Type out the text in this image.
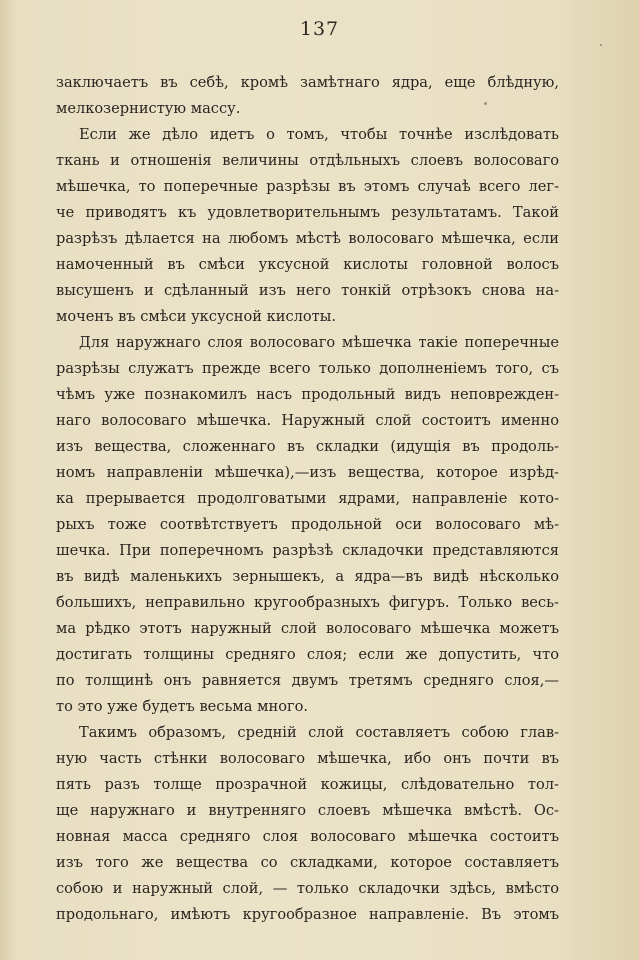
137
заключаетъ въ себѣ, кромѣ замѣтнаго ядра, еще блѣдную,
мелкозернистую массу.
Если же дѣло идетъ о томъ, чтобы точнѣе изслѣдовать
ткань и отношенія величины отдѣльныхъ слоевъ волосоваго
мѣшечка, то поперечные разрѣзы въ этомъ случаѣ всего лег-
че приводятъ къ удовлетворительнымъ результатамъ. Такой
разрѣзъ дѣлается на любомъ мѣстѣ волосоваго мѣшечка, если
намоченный въ смѣси уксусной кислоты головной волосъ
высушенъ и сдѣланный изъ него тонкій отрѣзокъ снова на-
моченъ въ смѣси уксусной кислоты.
Для наружнаго слоя волосоваго мѣшечка такіе поперечные
разрѣзы служатъ прежде всего только дополненіемъ того, съ
чѣмъ уже познакомилъ насъ продольный видъ неповрежден-
наго волосоваго мѣшечка. Наружный слой состоитъ именно
изъ вещества, сложеннаго въ складки (идущія въ продоль-
номъ направленіи мѣшечка),—изъ вещества, которое изрѣд-
ка прерывается продолговатыми ядрами, направленіе кото-
рыхъ тоже соотвѣтствуетъ продольной оси волосоваго мѣ-
шечка. При поперечномъ разрѣзѣ складочки представляются
въ видѣ маленькихъ зернышекъ, а ядра—въ видѣ нѣсколько
большихъ, неправильно кругообразныхъ фигуръ. Только весь-
ма рѣдко этотъ наружный слой волосоваго мѣшечка можетъ
достигать толщины средняго слоя; если же допустить, что
по толщинѣ онъ равняется двумъ третямъ средняго слоя,—
то это уже будетъ весьма много.
Такимъ образомъ, средній слой составляетъ собою глав-
ную часть стѣнки волосоваго мѣшечка, ибо онъ почти въ
пять разъ толще прозрачной кожицы, слѣдовательно тол-
ще наружнаго и внутренняго слоевъ мѣшечка вмѣстѣ. Ос-
новная масса средняго слоя волосоваго мѣшечка состоитъ
изъ того же вещества со складками, которое составляетъ
собою и наружный слой, — только складочки здѣсь, вмѣсто
продольнаго, имѣютъ кругообразное направленіе. Въ этомъ
